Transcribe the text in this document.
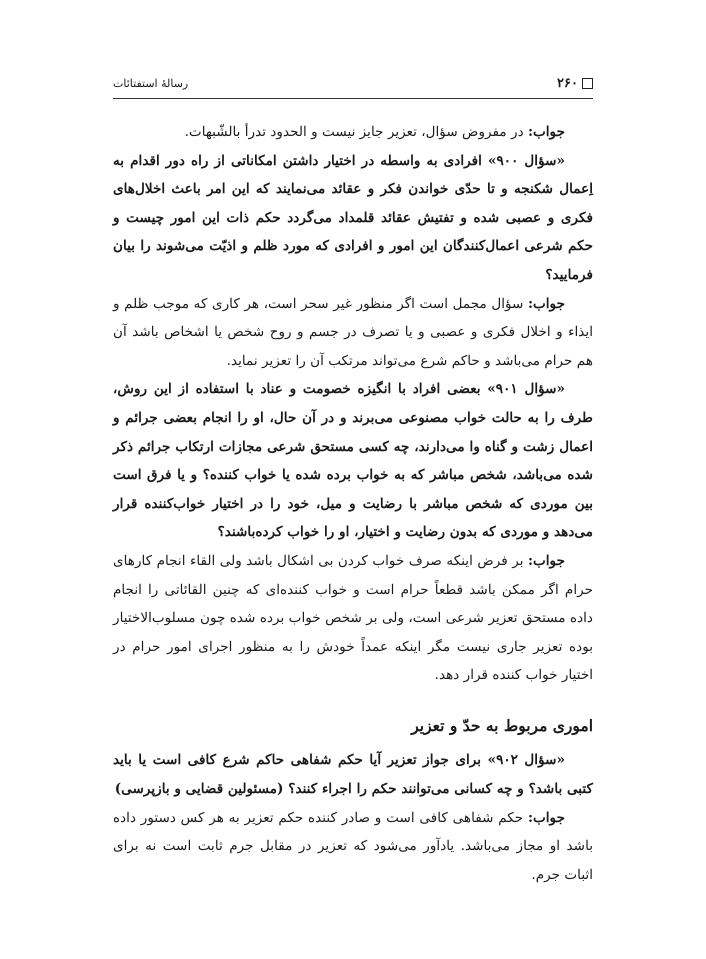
۲۶۰
رسالۀ استفتائات

جواب: در مفروض سؤال، تعزیر جایز نیست و الحدود تدرأ بالشّبهات.

«سؤال ۹۰۰» افرادی به واسطه در اختیار داشتن امکاناتی از راه دور اقدام به اِعمال شکنجه و تا حدّی خواندن فکر و عقائد می‌نمایند که این امر باعث اخلال‌های فکری و عصبی شده و تفتیش عقائد قلمداد می‌گردد حکم ذات این امور چیست و حکم شرعی اعمال‌کنندگان این امور و افرادی که مورد ظلم و اذیّت می‌شوند را بیان فرمایید؟

جواب: سؤال مجمل است اگر منظور غیر سحر است، هر کاری که موجب ظلم و ایذاء و اخلال فکری و عصبی و یا تصرف در جسم و روح شخص یا اشخاص باشد آن هم حرام می‌باشد و حاکم شرع می‌تواند مرتکب آن را تعزیر نماید.

«سؤال ۹۰۱» بعضی افراد با انگیزه خصومت و عناد با استفاده از این روش، طرف را به حالت خواب مصنوعی می‌برند و در آن حال، او را انجام بعضی جرائم و اعمال زشت و گناه وا می‌دارند، چه کسی مستحق شرعی مجازات ارتکاب جرائم ذکر شده می‌باشد، شخص مباشر که به خواب برده شده یا خواب کننده؟ و یا فرق است بین موردی که شخص مباشر با رضایت و میل، خود را در اختیار خواب‌کننده قرار می‌دهد و موردی که بدون رضایت و اختیار، او را خواب کرده‌باشند؟

جواب: بر فرض اینکه صرف خواب کردن بی اشکال باشد ولی القاء انجام کارهای حرام اگر ممکن باشد قطعاً حرام است و خواب کننده‌ای که چنین القائاتی را انجام داده مستحق تعزیر شرعی است، ولی بر شخص خواب برده شده چون مسلوب‌الاختیار بوده تعزیر جاری نیست مگر اینکه عمداً خودش را به منظور اجرای امور حرام در اختیار خواب کننده قرار دهد.

اموری مربوط به حدّ و تعزیر

«سؤال ۹۰۲» برای جواز تعزیر آیا حکم شفاهی حاکم شرع کافی است یا باید کتبی باشد؟ و چه کسانی می‌توانند حکم را اجراء کنند؟ (مسئولین قضایی و بازپرسی)

جواب: حکم شفاهی کافی است و صادر کننده حکم تعزیر به هر کس دستور داده باشد او مجاز می‌باشد. یادآور می‌شود که تعزیر در مقابل جرم ثابت است نه برای اثبات جرم.
